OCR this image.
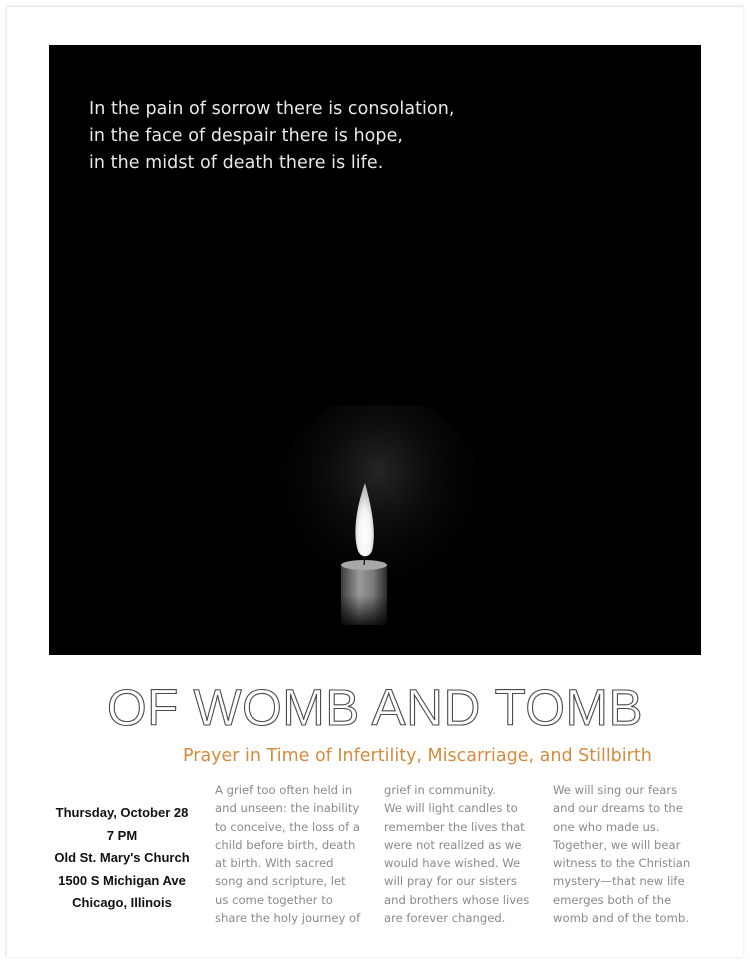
In the pain of sorrow there is consolation,
in the face of despair there is hope,
in the midst of death there is life.
OF WOMB AND TOMB
Prayer in Time of Infertility, Miscarriage, and Stillbirth
Thursday, October 28
7 PM
Old St. Mary's Church
1500 S Michigan Ave
Chicago, Illinois
A grief too often held in
and unseen: the inability
to conceive, the loss of a
child before birth, death
at birth. With sacred
song and scripture, let
us come together to
share the holy journey of
grief in community.
We will light candles to
remember the lives that
were not realized as we
would have wished. We
will pray for our sisters
and brothers whose lives
are forever changed.
We will sing our fears
and our dreams to the
one who made us.
Together, we will bear
witness to the Christian
mystery—that new life
emerges both of the
womb and of the tomb.
